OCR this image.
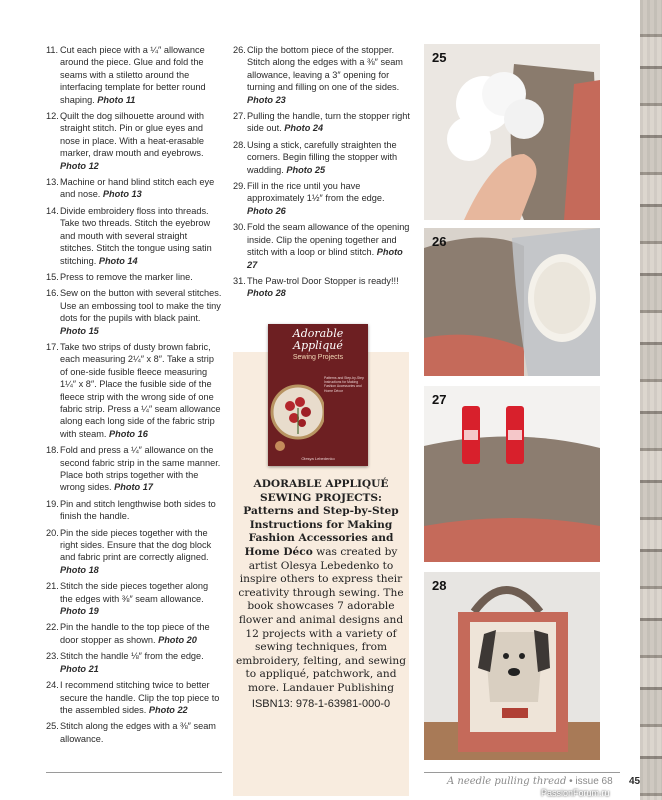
11. Cut each piece with a ¼″ allowance around the piece. Glue and fold the seams with a stiletto around the interfacing template for better round shaping. Photo 11
12. Quilt the dog silhouette around with straight stitch. Pin or glue eyes and nose in place. With a heat-erasable marker, draw mouth and eyebrows. Photo 12
13. Machine or hand blind stitch each eye and nose. Photo 13
14. Divide embroidery floss into threads. Take two threads. Stitch the eyebrow and mouth with several straight stitches. Stitch the tongue using satin stitching. Photo 14
15. Press to remove the marker line.
16. Sew on the button with several stitches. Use an embossing tool to make the tiny dots for the pupils with black paint. Photo 15
17. Take two strips of dusty brown fabric, each measuring 2¼″ x 8″. Take a strip of one-side fusible fleece measuring 1¼″ x 8″. Place the fusible side of the fleece strip with the wrong side of one fabric strip. Press a ¼″ seam allowance along each long side of the fabric strip with steam. Photo 16
18. Fold and press a ¼″ allowance on the second fabric strip in the same manner. Place both strips together with the wrong sides. Photo 17
19. Pin and stitch lengthwise both sides to finish the handle.
20. Pin the side pieces together with the right sides. Ensure that the dog block and fabric print are correctly aligned. Photo 18
21. Stitch the side pieces together along the edges with ⅜″ seam allowance. Photo 19
22. Pin the handle to the top piece of the door stopper as shown. Photo 20
23. Stitch the handle ⅛″ from the edge. Photo 21
24. I recommend stitching twice to better secure the handle. Clip the top piece to the assembled sides. Photo 22
25. Stitch along the edges with a ⅜″ seam allowance.
26. Clip the bottom piece of the stopper. Stitch along the edges with a ⅜″ seam allowance, leaving a 3″ opening for turning and filling on one of the sides. Photo 23
27. Pulling the handle, turn the stopper right side out. Photo 24
28. Using a stick, carefully straighten the corners. Begin filling the stopper with wadding. Photo 25
29. Fill in the rice until you have approximately 1½″ from the edge. Photo 26
30. Fold the seam allowance of the opening inside. Clip the opening together and stitch with a loop or blind stitch. Photo 27
31. The Paw-trol Door Stopper is ready!!! Photo 28
Adorable Appliqué
Sewing Projects
Patterns and Step-by-Step Instructions for Making Fashion Accessories and Home Décor
Olesya Lebedenko
ADORABLE APPLIQUÉ SEWING PROJECTS: Patterns and Step-by-Step Instructions for Making Fashion Accessories and Home Déco was created by artist Olesya Lebedenko to inspire others to express their creativity through sewing. The book showcases 7 adorable flower and animal designs and 12 projects with a variety of sewing techniques, from embroidery, felting, and sewing to appliqué, patchwork, and more. Landauer Publishing
ISBN13: 978-1-63981-000-0
25
26
27
28
A needle pulling thread • issue 68 45
PassionForum.ru
